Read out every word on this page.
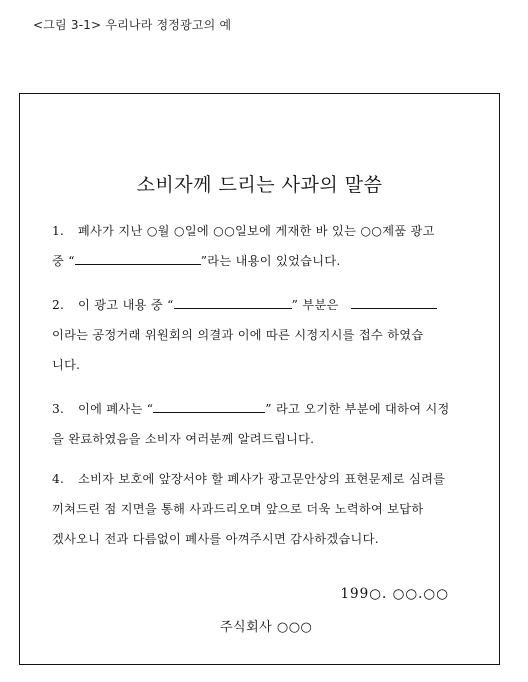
<그림 3-1> 우리나라 정정광고의 예
소비자께 드리는 사과의 말씀
1. 폐사가 지난 ○월 ○일에 ○○일보에 게재한 바 있는 ○○제품 광고
중 “	”라는 내용이 있었습니다.
2. 이 광고 내용 중 “	” 부분은
이라는 공정거래 위원회의 의결과 이에 따른 시정지시를 접수 하였습
니다.
3. 이에 폐사는 “	” 라고 오기한 부분에 대하여 시정
을 완료하였음을 소비자 여러분께 알려드립니다.
4. 소비자 보호에 앞장서야 할 폐사가 광고문안상의 표현문제로 심려를
끼쳐드린 점 지면을 통해 사과드리오며 앞으로 더욱 노력하여 보답하
겠사오니 전과 다름없이 폐사를 아껴주시면 감사하겠습니다.
199○. ○○.○○
주식회사 ○○○
